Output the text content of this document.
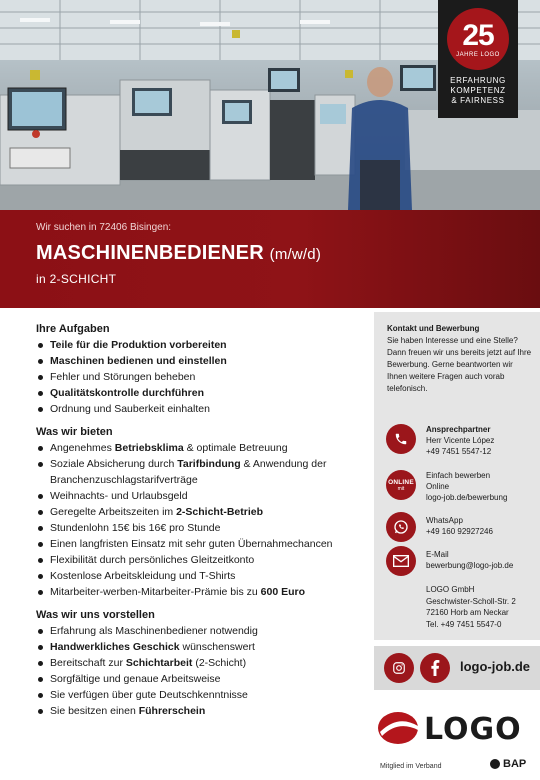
25
JAHRE LOGO
ERFAHRUNG
KOMPETENZ
& FAIRNESS
Wir suchen in 72406 Bisingen:
MASCHINENBEDIENER (m/w/d)
in 2-SCHICHT
Ihre Aufgaben
Teile für die Produktion vorbereiten
Maschinen bedienen und einstellen
Fehler und Störungen beheben
Qualitätskontrolle durchführen
Ordnung und Sauberkeit einhalten
Was wir bieten
Angenehmes Betriebsklima & optimale Betreuung
Soziale Absicherung durch Tarifbindung & Anwendung der Branchenzuschlagstarifverträge
Weihnachts- und Urlaubsgeld
Geregelte Arbeitszeiten im 2-Schicht-Betrieb
Stundenlohn 15€ bis 16€ pro Stunde
Einen langfristen Einsatz mit sehr guten Übernahmechancen
Flexibilität durch persönliches Gleitzeitkonto
Kostenlose Arbeitskleidung und T-Shirts
Mitarbeiter-werben-Mitarbeiter-Prämie bis zu 600 Euro
Was wir uns vorstellen
Erfahrung als Maschinenbediener notwendig
Handwerkliches Geschick wünschenswert
Bereitschaft zur Schichtarbeit (2-Schicht)
Sorgfältige und genaue Arbeitsweise
Sie verfügen über gute Deutschkenntnisse
Sie besitzen einen Führerschein
Kontakt und Bewerbung
Sie haben Interesse und eine Stelle? Dann freuen wir uns bereits jetzt auf Ihre Bewerbung. Gerne beantworten wir Ihnen weitere Fragen auch vorab telefonisch.
Ansprechpartner
Herr Vicente López
+49 7451 5547-12
ONLINE
mit
Einfach bewerben
Online
logo-job.de/bewerbung
WhatsApp
+49 160 92927246
E-Mail
bewerbung@logo-job.de
LOGO GmbH
Geschwister-Scholl-Str. 2
72160 Horb am Neckar
Tel. +49 7451 5547-0
logo-job.de
LOGO
Mitglied im Verband	BAP
